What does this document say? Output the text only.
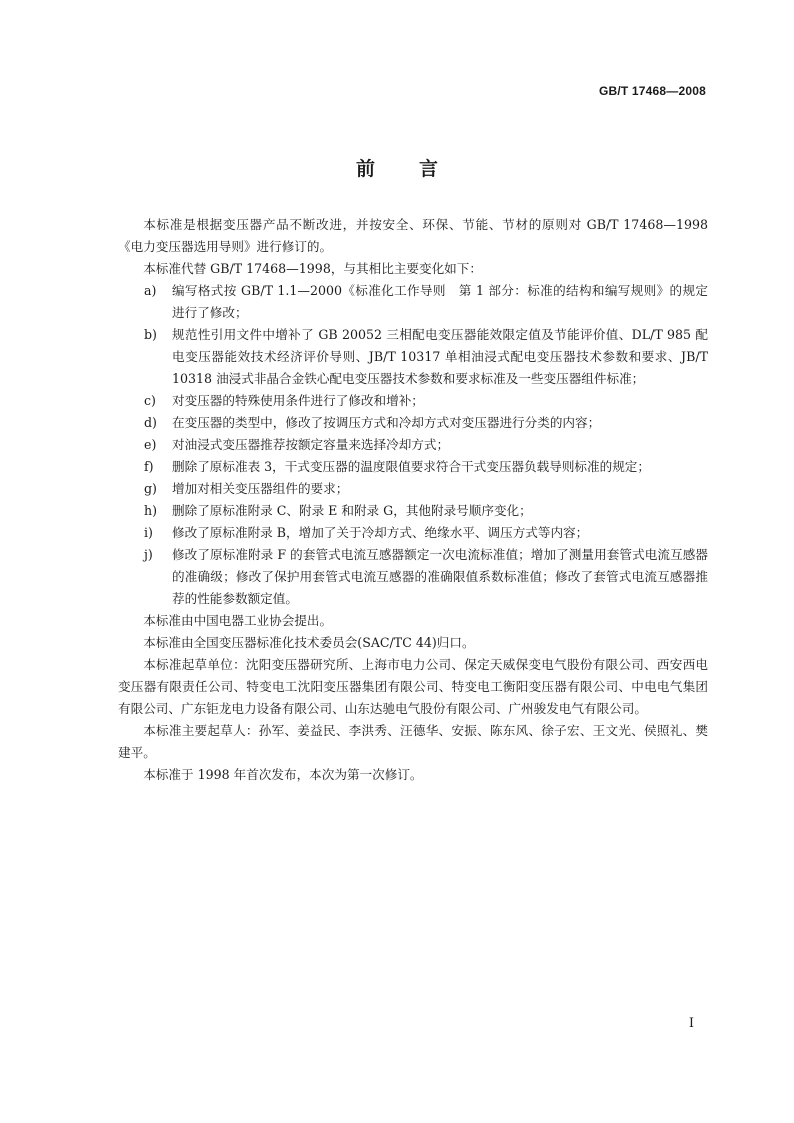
GB/T 17468—2008
前言

本标准是根据变压器产品不断改进，并按安全、环保、节能、节材的原则对 GB/T 17468—1998《电力变压器选用导则》进行修订的。

本标准代替 GB/T 17468—1998，与其相比主要变化如下：

a) 编写格式按 GB/T 1.1—2000《标准化工作导则　第 1 部分：标准的结构和编写规则》的规定进行了修改；
b) 规范性引用文件中增补了 GB 20052 三相配电变压器能效限定值及节能评价值、DL/T 985 配电变压器能效技术经济评价导则、JB/T 10317 单相油浸式配电变压器技术参数和要求、JB/T 10318 油浸式非晶合金铁心配电变压器技术参数和要求标准及一些变压器组件标准；
c) 对变压器的特殊使用条件进行了修改和增补；
d) 在变压器的类型中，修改了按调压方式和冷却方式对变压器进行分类的内容；
e) 对油浸式变压器推荐按额定容量来选择冷却方式；
f) 删除了原标准表 3，干式变压器的温度限值要求符合干式变压器负载导则标准的规定；
g) 增加对相关变压器组件的要求；
h) 删除了原标准附录 C、附录 E 和附录 G，其他附录号顺序变化；
i) 修改了原标准附录 B，增加了关于冷却方式、绝缘水平、调压方式等内容；
j) 修改了原标准附录 F 的套管式电流互感器额定一次电流标准值；增加了测量用套管式电流互感器的准确级；修改了保护用套管式电流互感器的准确限值系数标准值；修改了套管式电流互感器推荐的性能参数额定值。

本标准由中国电器工业协会提出。

本标准由全国变压器标准化技术委员会(SAC/TC 44)归口。

本标准起草单位：沈阳变压器研究所、上海市电力公司、保定天威保变电气股份有限公司、西安西电变压器有限责任公司、特变电工沈阳变压器集团有限公司、特变电工衡阳变压器有限公司、中电电气集团有限公司、广东钜龙电力设备有限公司、山东达驰电气股份有限公司、广州骏发电气有限公司。

本标准主要起草人：孙军、姜益民、李洪秀、汪德华、安振、陈东风、徐子宏、王文光、侯照礼、樊建平。

本标准于 1998 年首次发布，本次为第一次修订。

I
